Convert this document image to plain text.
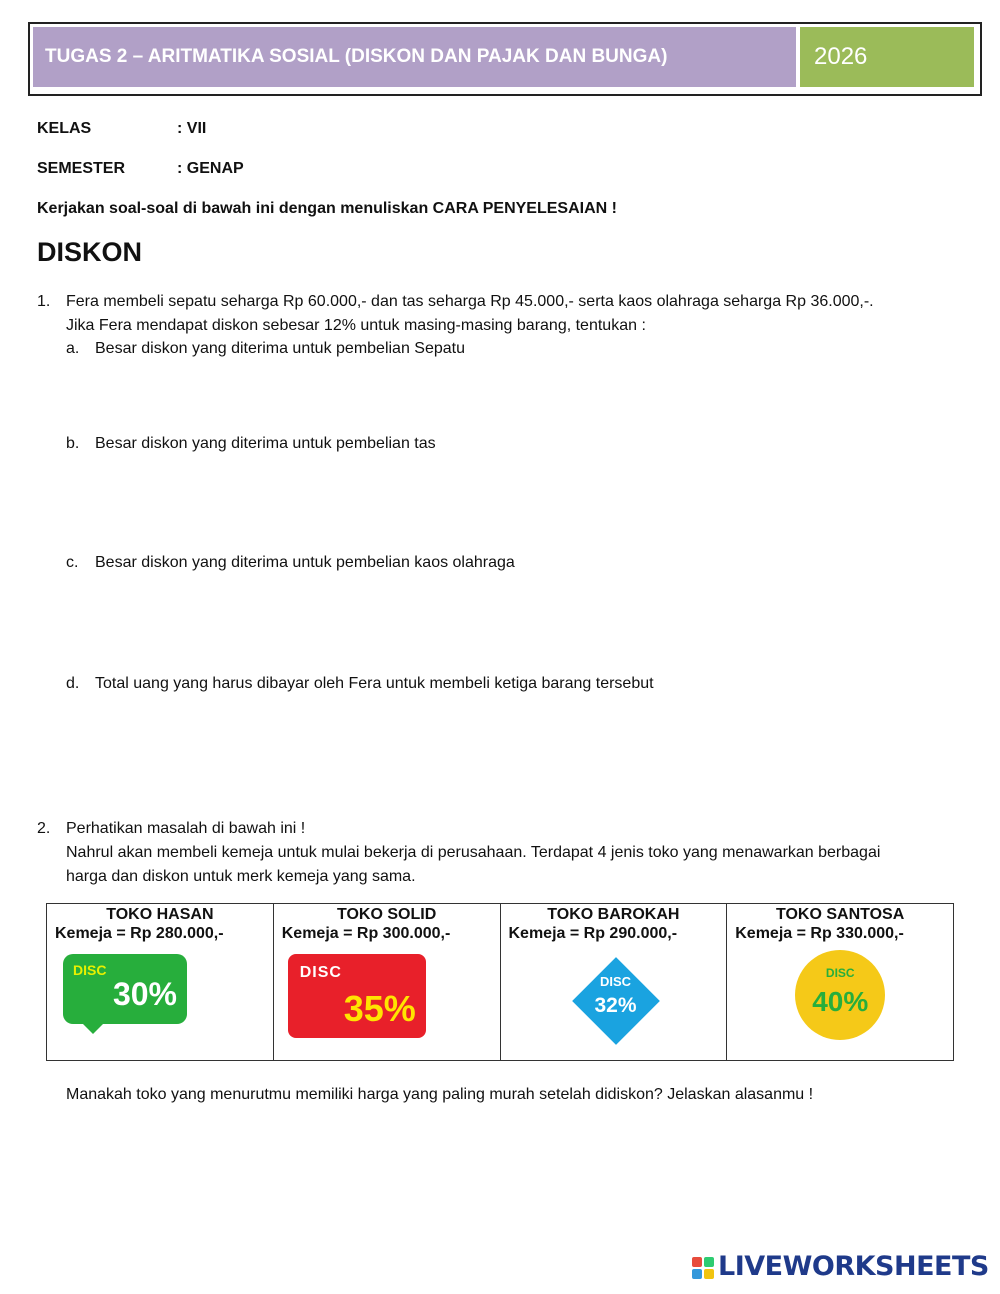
TUGAS 2 – ARITMATIKA SOSIAL (DISKON DAN PAJAK DAN BUNGA)	2026
KELAS	: VII
SEMESTER	: GENAP
Kerjakan soal-soal di bawah ini dengan menuliskan CARA PENYELESAIAN !
DISKON
1. Fera membeli sepatu seharga Rp 60.000,- dan tas seharga Rp 45.000,- serta kaos olahraga seharga Rp 36.000,-.
Jika Fera mendapat diskon sebesar 12% untuk masing-masing barang, tentukan :
a. Besar diskon yang diterima untuk pembelian Sepatu
b. Besar diskon yang diterima untuk pembelian tas
c. Besar diskon yang diterima untuk pembelian kaos olahraga
d. Total uang yang harus dibayar oleh Fera untuk membeli ketiga barang tersebut
2. Perhatikan masalah di bawah ini !
Nahrul akan membeli kemeja untuk mulai bekerja di perusahaan. Terdapat 4 jenis toko yang menawarkan berbagai
harga dan diskon untuk merk kemeja yang sama.
TOKO HASAN
Kemeja = Rp 280.000,-
DISC
30%

TOKO SOLID
Kemeja = Rp 300.000,-
DISC
35%

TOKO BAROKAH
Kemeja = Rp 290.000,-
DISC
32%

TOKO SANTOSA
Kemeja = Rp 330.000,-
DISC
40%
Manakah toko yang menurutmu memiliki harga yang paling murah setelah didiskon? Jelaskan alasanmu !
LIVEWORKSHEETS
